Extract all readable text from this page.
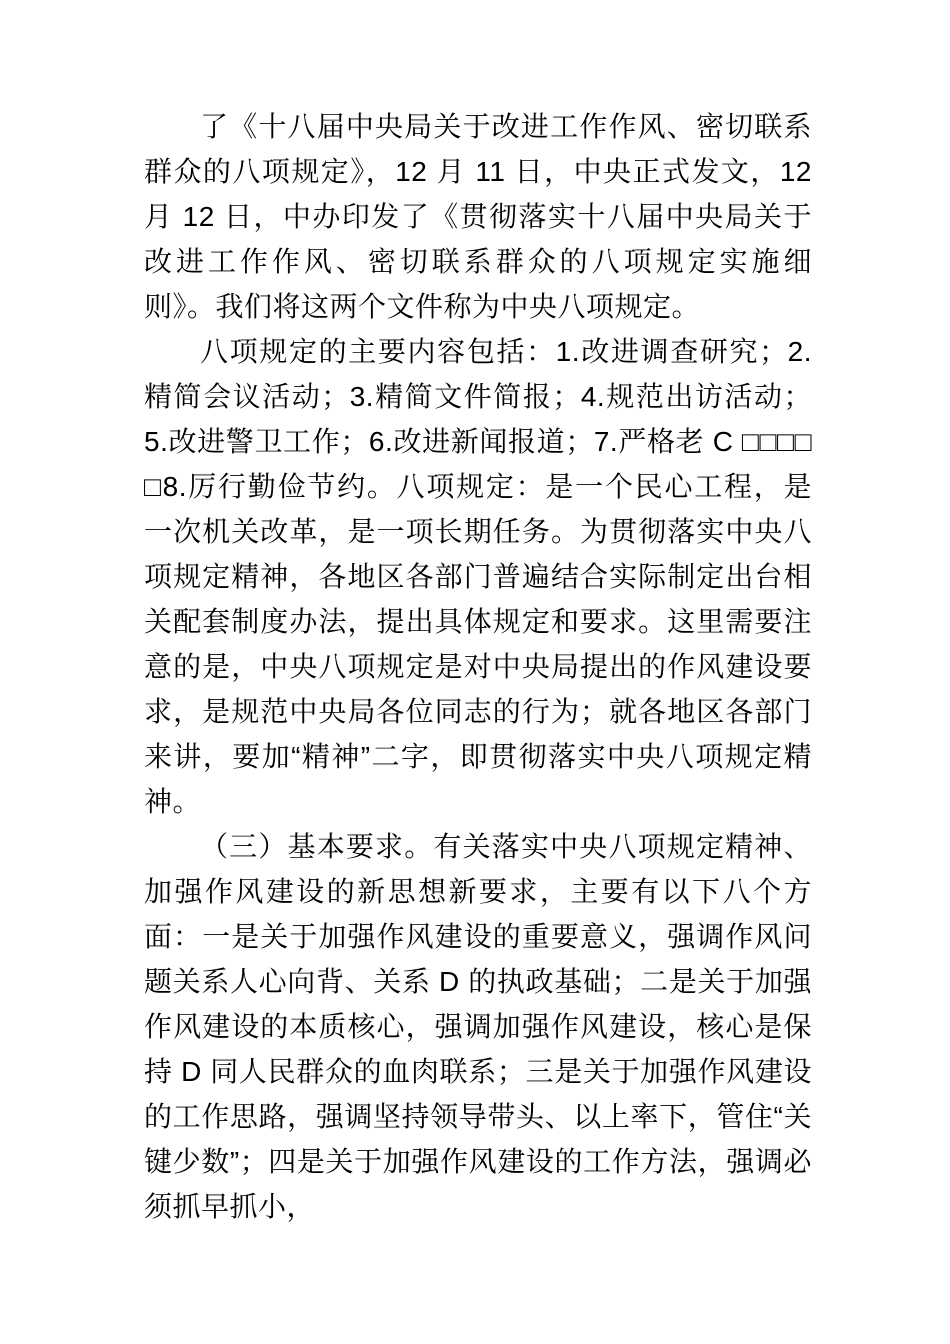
了《十八届中央局关于改进工作作风、密切联系群众的八项规定》，12 月 11 日，中央正式发文，12 月 12 日，中办印发了《贯彻落实十八届中央局关于改进工作作风、密切联系群众的八项规定实施细则》。我们将这两个文件称为中央八项规定。

八项规定的主要内容包括：1.改进调查研究；2.精简会议活动；3.精简文件简报；4.规范出访活动；5.改进警卫工作；6.改进新闻报道；7.严格老 C □□□□□8.厉行勤俭节约。八项规定：是一个民心工程，是一次机关改革，是一项长期任务。为贯彻落实中央八项规定精神，各地区各部门普遍结合实际制定出台相关配套制度办法，提出具体规定和要求。这里需要注意的是，中央八项规定是对中央局提出的作风建设要求，是规范中央局各位同志的行为；就各地区各部门来讲，要加“精神”二字，即贯彻落实中央八项规定精神。

（三）基本要求。有关落实中央八项规定精神、加强作风建设的新思想新要求，主要有以下八个方面：一是关于加强作风建设的重要意义，强调作风问题关系人心向背、关系 D 的执政基础；二是关于加强作风建设的本质核心，强调加强作风建设，核心是保持 D 同人民群众的血肉联系；三是关于加强作风建设的工作思路，强调坚持领导带头、以上率下，管住“关键少数”；四是关于加强作风建设的工作方法，强调必须抓早抓小，
